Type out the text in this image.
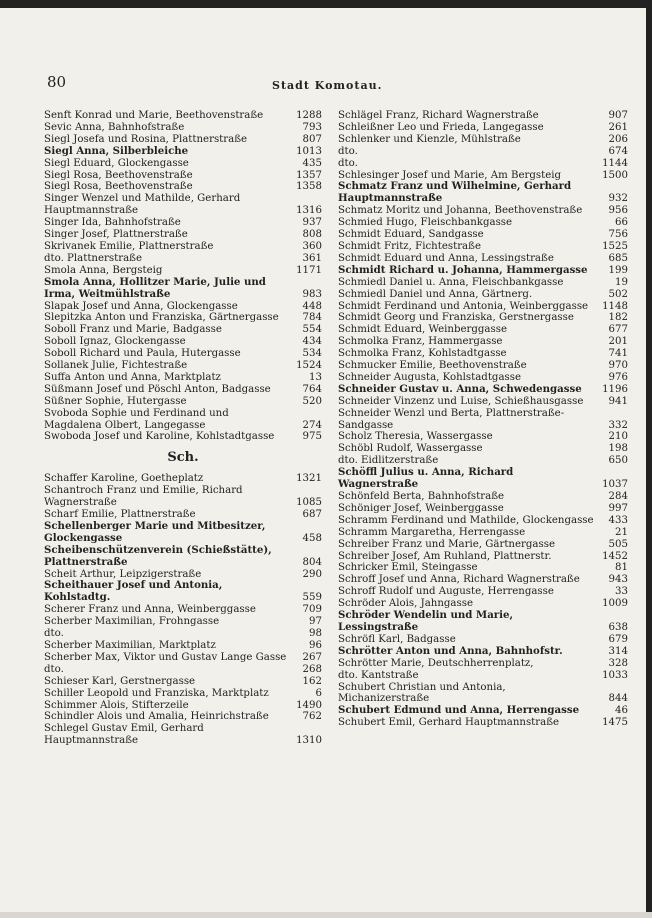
80	Stadt Komotau.
Senft Konrad und Marie, Beethovenstraße	1288
Sevic Anna, Bahnhofstraße	793
Siegl Josefa und Rosina, Plattnerstraße	807
Siegl Anna, Silberbleiche	1013
Siegl Eduard, Glockengasse	435
Siegl Rosa, Beethovenstraße	1357
Siegl Rosa, Beethovenstraße	1358
Singer Wenzel und Mathilde, Gerhard Hauptmannstraße	1316
Singer Ida, Bahnhofstraße	937
Singer Josef, Plattnerstraße	808
Skrivanek Emilie, Plattnerstraße	360
dto. Plattnerstraße	361
Smola Anna, Bergsteig	1171
Smola Anna, Hollitzer Marie, Julie und Irma, Weitmühlstraße	983
Slapak Josef und Anna, Glockengasse	448
Slepitzka Anton und Franziska, Gärtnergasse	784
Soboll Franz und Marie, Badgasse	554
Soboll Ignaz, Glockengasse	434
Soboll Richard und Paula, Hutergasse	534
Sollanek Julie, Fichtestraße	1524
Suffa Anton und Anna, Marktplatz	13
Süßmann Josef und Pöschl Anton, Badgasse	764
Süßner Sophie, Hutergasse	520
Svoboda Sophie und Ferdinand und Magdalena Olbert, Langegasse	274
Swoboda Josef und Karoline, Kohlstadtgasse	975
Sch.
Schaffer Karoline, Goetheplatz	1321
Schantroch Franz und Emilie, Richard Wagnerstraße	1085
Scharf Emilie, Plattnerstraße	687
Schellenberger Marie und Mitbesitzer, Glockengasse	458
Scheibenschützenverein (Schießstätte), Plattnerstraße	804
Scheit Arthur, Leipzigerstraße	290
Scheithauer Josef und Antonia, Kohlstadtg.	559
Scherer Franz und Anna, Weinberggasse	709
Scherber Maximilian, Frohngasse	97
dto.	98
Scherber Maximilian, Marktplatz	96
Scherber Max, Viktor und Gustav Lange Gasse	267
dto.	268
Schieser Karl, Gerstnergasse	162
Schiller Leopold und Franziska, Marktplatz	6
Schimmer Alois, Stifterzeile	1490
Schindler Alois und Amalia, Heinrichstraße	762
Schlegel Gustav Emil, Gerhard Hauptmannstraße	1310
Schlägel Franz, Richard Wagnerstraße	907
Schleißner Leo und Frieda, Langegasse	261
Schlenker und Kienzle, Mühlstraße	206
dto.	674
dto.	1144
Schlesinger Josef und Marie, Am Bergsteig	1500
Schmatz Franz und Wilhelmine, Gerhard Hauptmannstraße	932
Schmatz Moritz und Johanna, Beethovenstraße	956
Schmied Hugo, Fleischbankgasse	66
Schmidt Eduard, Sandgasse	756
Schmidt Fritz, Fichtestraße	1525
Schmidt Eduard und Anna, Lessingstraße	685
Schmidt Richard u. Johanna, Hammergasse	199
Schmiedl Daniel u. Anna, Fleischbankgasse	19
Schmiedl Daniel und Anna, Gärtnerg.	502
Schmidt Ferdinand und Antonia, Weinberggasse	1148
Schmidt Georg und Franziska, Gerstnergasse	182
Schmidt Eduard, Weinberggasse	677
Schmolka Franz, Hammergasse	201
Schmolka Franz, Kohlstadtgasse	741
Schmucker Emilie, Beethovenstraße	970
Schneider Augusta, Kohlstadtgasse	976
Schneider Gustav u. Anna, Schwedengasse	1196
Schneider Vinzenz und Luise, Schießhausgasse	941
Schneider Wenzl und Berta, Plattnerstraße-Sandgasse	332
Scholz Theresia, Wassergasse	210
Schöbl Rudolf, Wassergasse	198
dto. Eidlitzerstraße	650
Schöffl Julius u. Anna, Richard Wagnerstraße	1037
Schönfeld Berta, Bahnhofstraße	284
Schöniger Josef, Weinberggasse	997
Schramm Ferdinand und Mathilde, Glockengasse	433
Schramm Margaretha, Herrengasse	21
Schreiber Franz und Marie, Gärtnergasse	505
Schreiber Josef, Am Ruhland, Plattnerstr.	1452
Schricker Emil, Steingasse	81
Schroff Josef und Anna, Richard Wagnerstraße	943
Schroff Rudolf und Auguste, Herrengasse	33
Schröder Alois, Jahngasse	1009
Schröder Wendelin und Marie, Lessingstraße	638
Schröfl Karl, Badgasse	679
Schrötter Anton und Anna, Bahnhofstr.	314
Schrötter Marie, Deutschherrenplatz,	328
dto. Kantstraße	1033
Schubert Christian und Antonia, Michanizerstraße	844
Schubert Edmund und Anna, Herrengasse	46
Schubert Emil, Gerhard Hauptmannstraße	1475
